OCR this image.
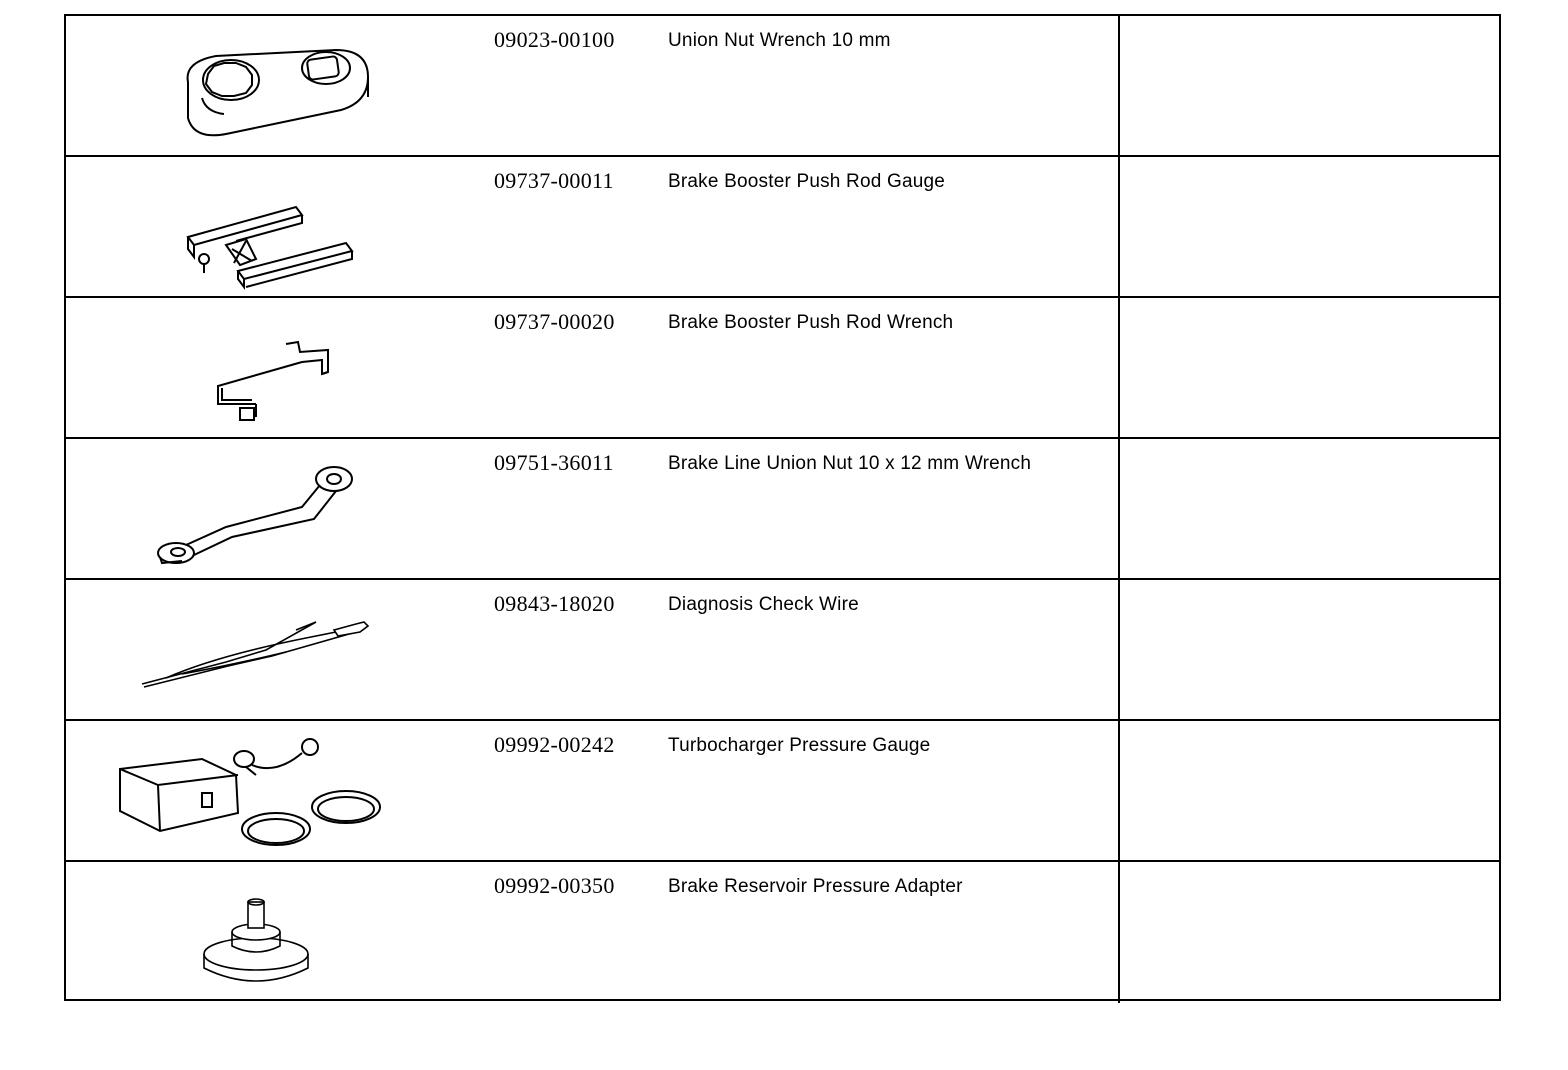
09023-00100	Union Nut Wrench 10 mm
09737-00011	Brake Booster Push Rod Gauge
09737-00020	Brake Booster Push Rod Wrench
09751-36011	Brake Line Union Nut 10 x 12 mm Wrench
09843-18020	Diagnosis Check Wire
09992-00242	Turbocharger Pressure Gauge
09992-00350	Brake Reservoir Pressure Adapter
